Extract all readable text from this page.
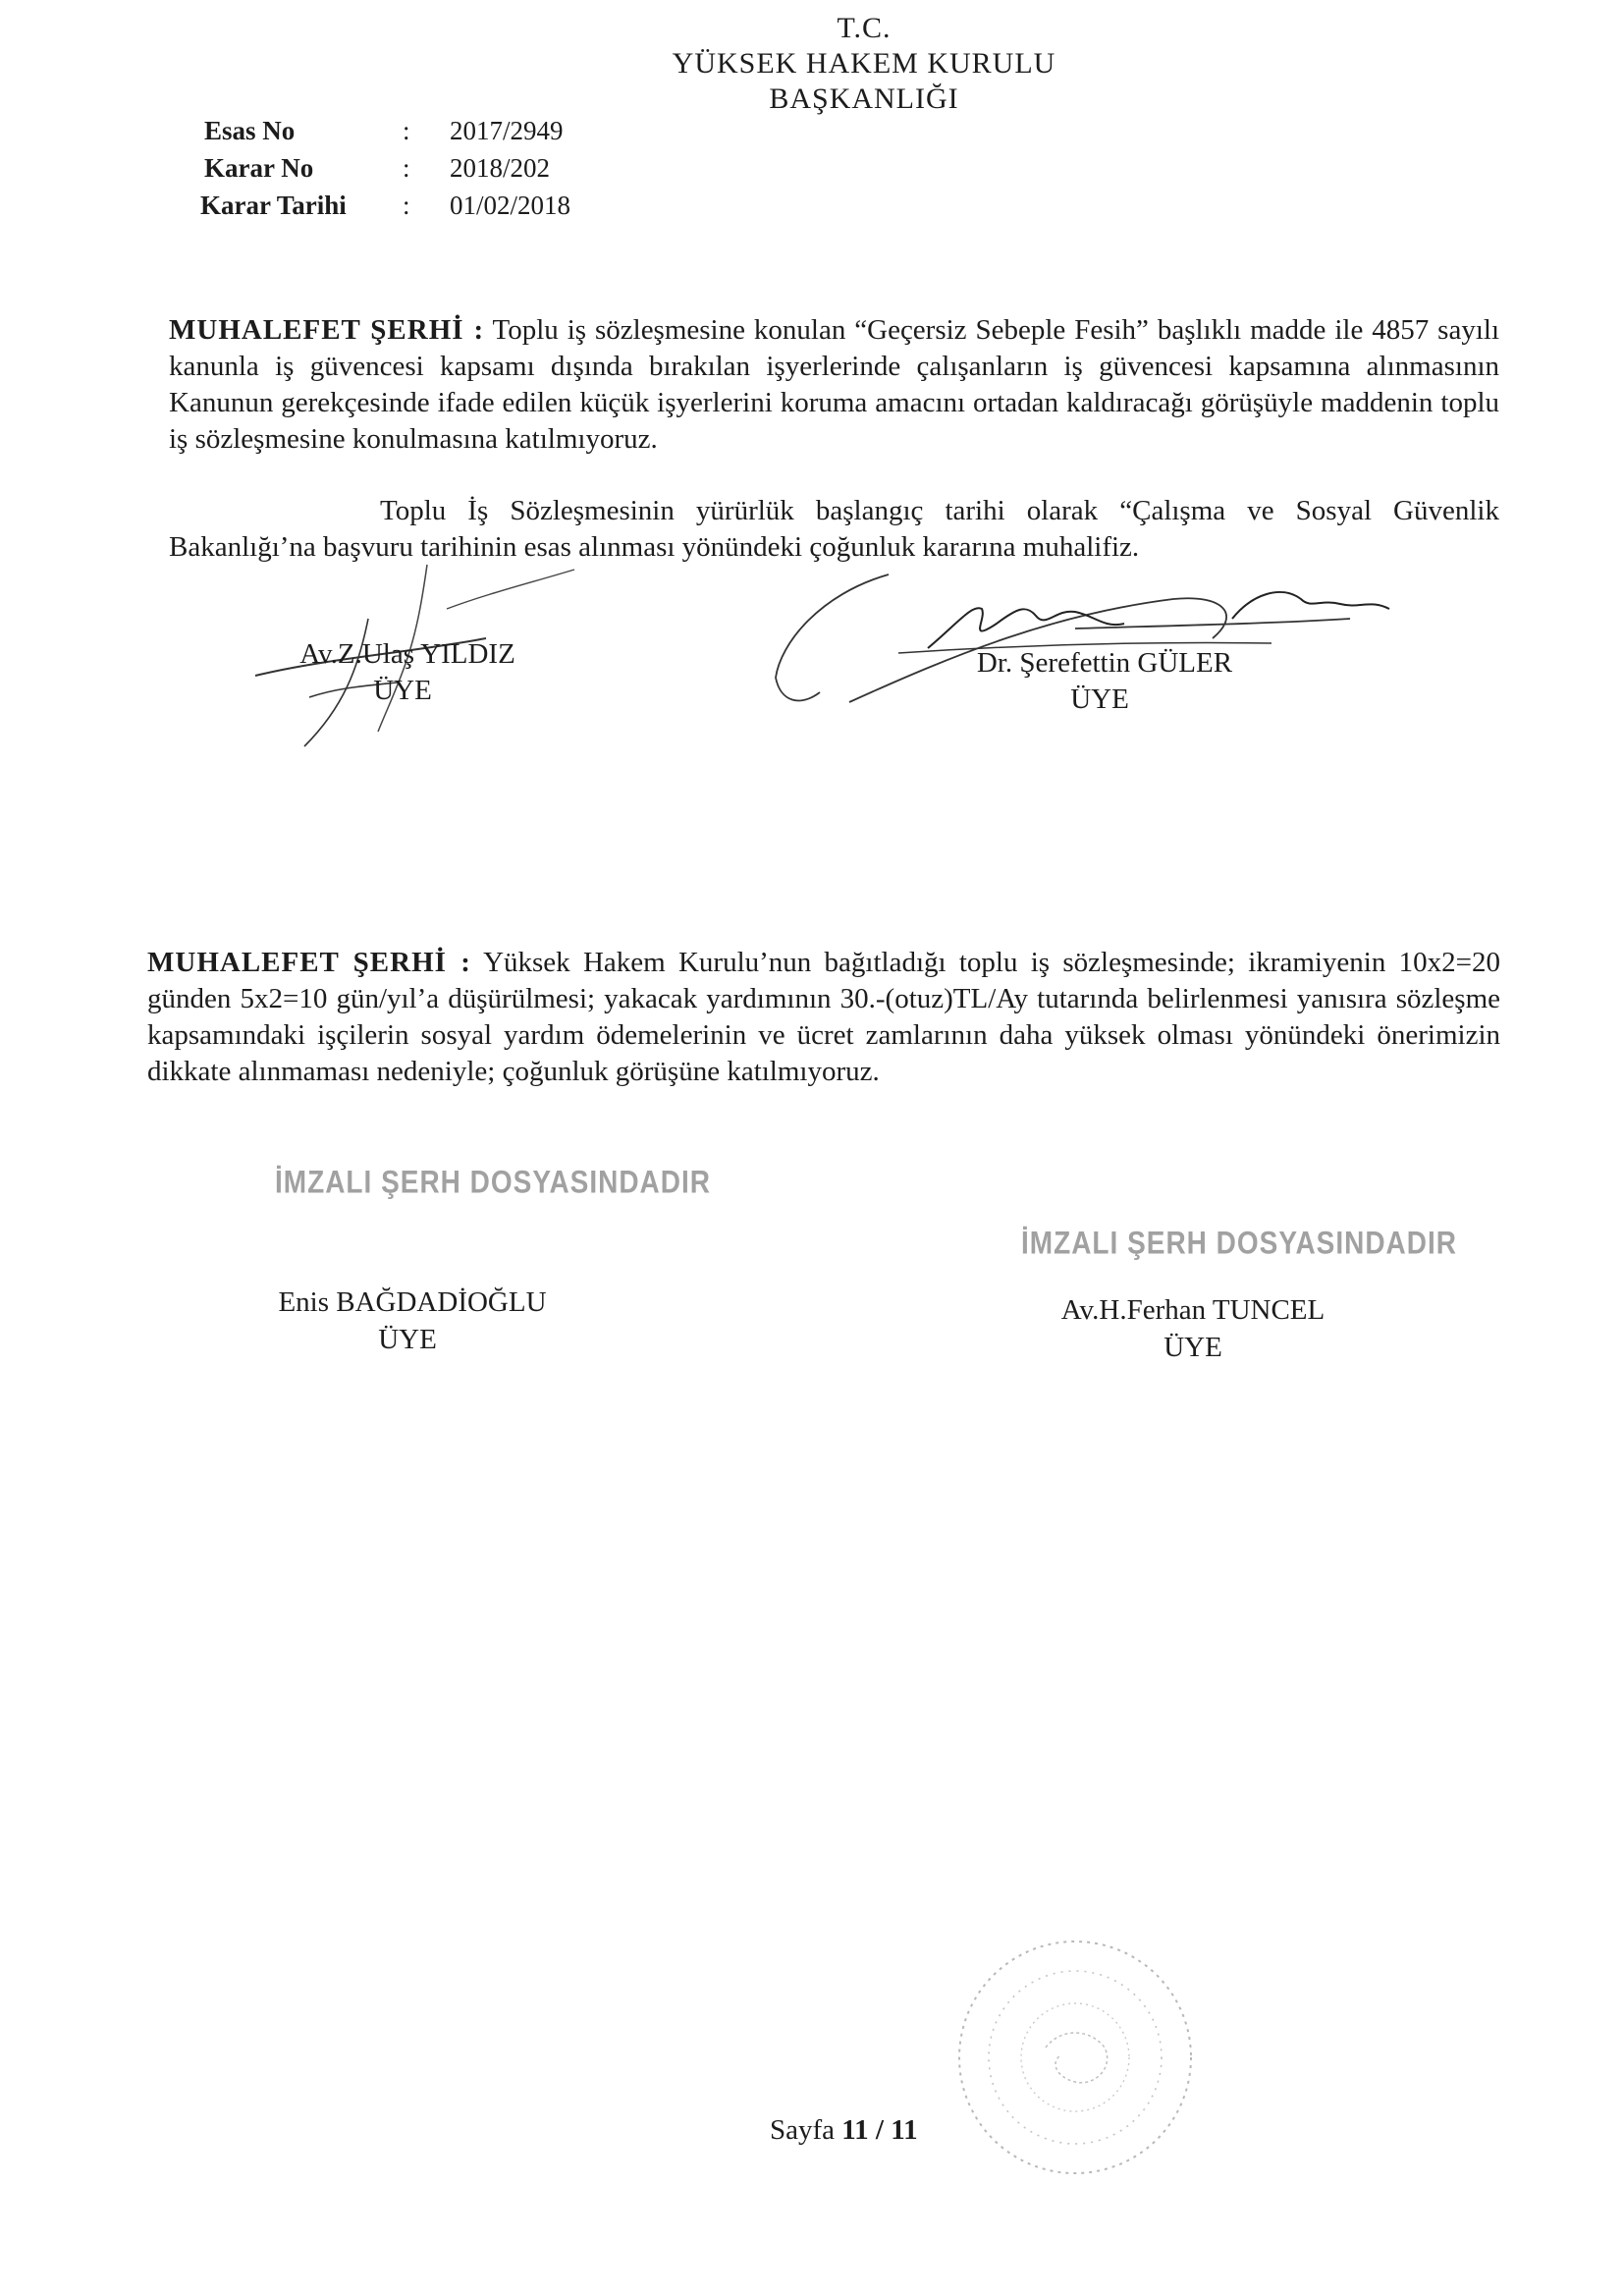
T.C.
YÜKSEK HAKEM KURULU
BAŞKANLIĞI
Esas No	: 2017/2949
Karar No	: 2018/202
Karar Tarihi : 01/02/2018
MUHALEFET ŞERHİ : Toplu iş sözleşmesine konulan “Geçersiz Sebeple Fesih” başlıklı madde ile 4857 sayılı kanunla iş güvencesi kapsamı dışında bırakılan işyerlerinde çalışanların iş güvencesi kapsamına alınmasının Kanunun gerekçesinde ifade edilen küçük işyerlerini koruma amacını ortadan kaldıracağı görüşüyle maddenin toplu iş sözleşmesine konulmasına katılmıyoruz.
Toplu İş Sözleşmesinin yürürlük başlangıç tarihi olarak “Çalışma ve Sosyal Güvenlik Bakanlığı’na başvuru tarihinin esas alınması yönündeki çoğunluk kararına muhalifiz.
Av.Z.Ulaş YILDIZ
ÜYE
Dr. Şerefettin GÜLER
ÜYE
MUHALEFET ŞERHİ : Yüksek Hakem Kurulu’nun bağıtladığı toplu iş sözleşmesinde; ikramiyenin 10x2=20 günden 5x2=10 gün/yıl’a düşürülmesi; yakacak yardımının 30.-(otuz)TL/Ay tutarında belirlenmesi yanısıra sözleşme kapsamındaki işçilerin sosyal yardım ödemelerinin ve ücret zamlarının daha yüksek olması yönündeki önerimizin dikkate alınmaması nedeniyle; çoğunluk görüşüne katılmıyoruz.
İMZALI ŞERH DOSYASINDADIR
İMZALI ŞERH DOSYASINDADIR
Enis BAĞDADİOĞLU
ÜYE
Av.H.Ferhan TUNCEL
ÜYE
Sayfa 11 / 11
